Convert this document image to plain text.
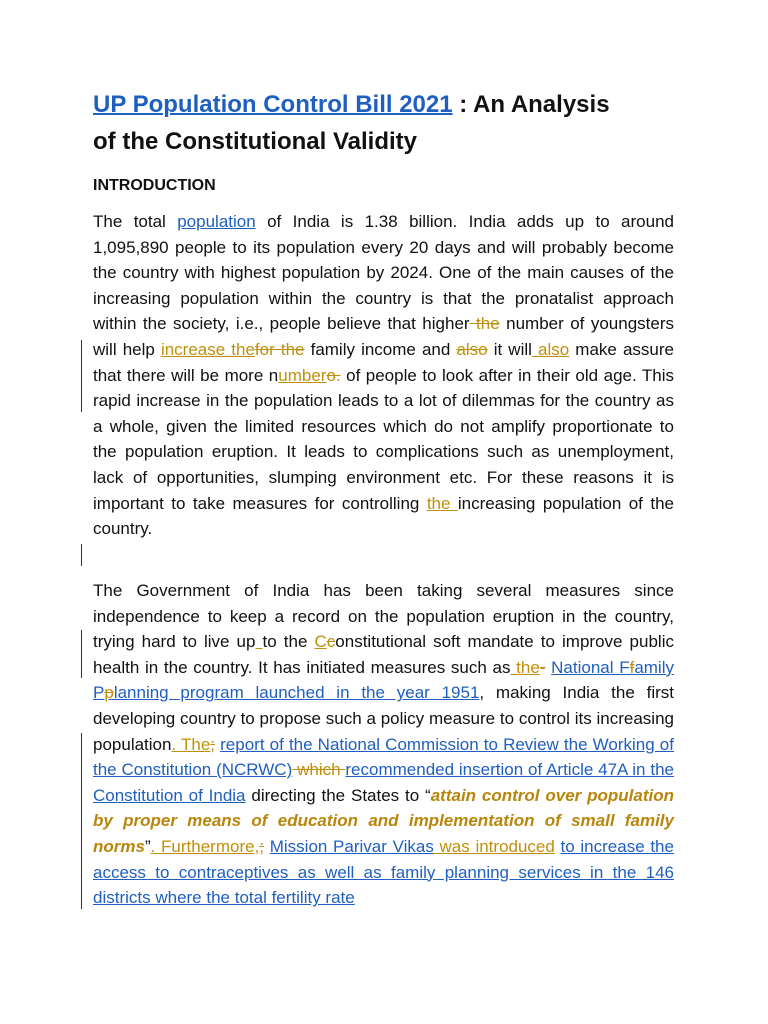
UP Population Control Bill 2021 : An Analysis
of the Constitutional Validity
INTRODUCTION

The total population of India is 1.38 billion. India adds up to around 1,095,890 people to its population every 20 days and will probably become the country with highest population by 2024. One of the main causes of the increasing population within the country is that the pronatalist approach within the society, i.e., people believe that higher the number of youngsters will help increase thefor the family income and also it will also make assure that there will be more numbero. of people to look after in their old age. This rapid increase in the population leads to a lot of dilemmas for the country as a whole, given the limited resources which do not amplify proportionate to the population eruption. It leads to complications such as unemployment, lack of opportunities, slumping environment etc. For these reasons it is important to take measures for controlling the increasing population of the country.

The Government of India has been taking several measures since independence to keep a record on the population eruption in the country, trying hard to live up to the Cconstitutional soft mandate to improve public health in the country. It has initiated measures such as the- National Ffamily Pplanning program launched in the year 1951, making India the first developing country to propose such a policy measure to control its increasing population. The; report of the National Commission to Review the Working of the Constitution (NCRWC) which recommended insertion of Article 47A in the Constitution of India directing the States to “attain control over population by proper means of education and implementation of small family norms”. Furthermore,; Mission Parivar Vikas was introduced to increase the access to contraceptives as well as family planning services in the 146 districts where the total fertility rate
